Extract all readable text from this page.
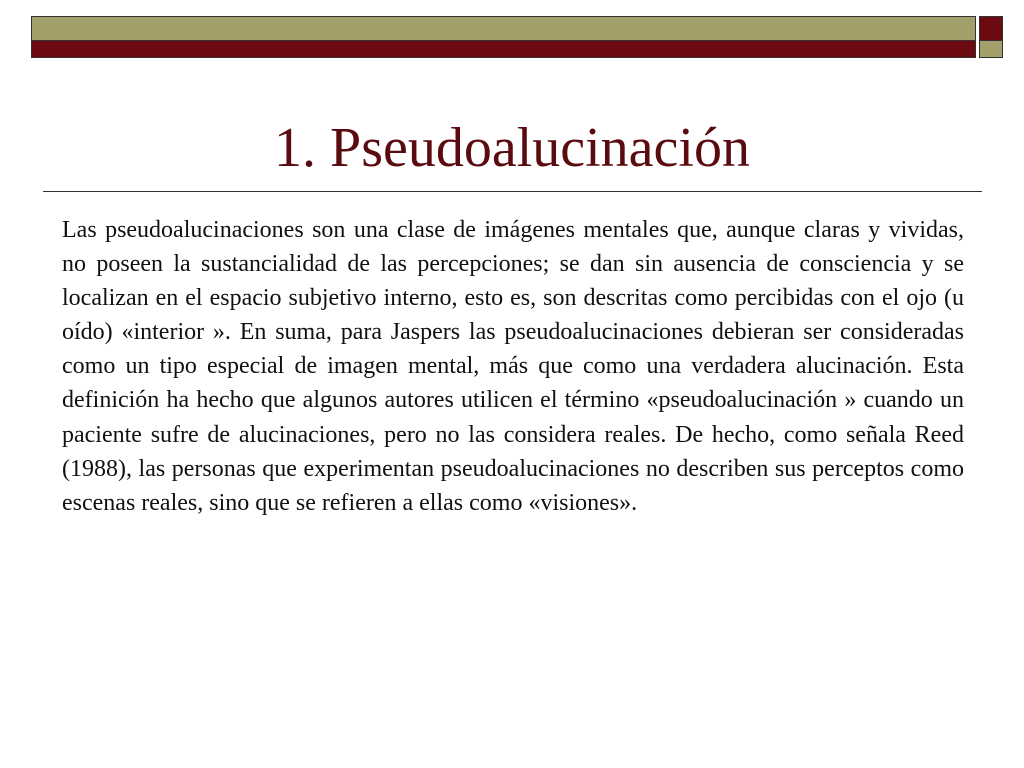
1. Pseudoalucinación

Las pseudoalucinaciones son una clase de imágenes mentales que, aunque claras y vividas, no poseen la sustancialidad de las percepciones; se dan sin ausencia de consciencia y se localizan en el espacio subjetivo interno, esto es, son descritas como percibidas con el ojo (u oído) «interior ». En suma, para Jaspers las pseudoalucinaciones debieran ser consideradas como un tipo especial de imagen mental, más que como una verdadera alucinación. Esta definición ha hecho que algunos autores utilicen el término «pseudoalucinación » cuando un paciente sufre de alucinaciones, pero no las considera reales. De hecho, como señala Reed (1988), las personas que experimentan pseudoalucinaciones no describen sus perceptos como escenas reales, sino que se refieren a ellas como «visiones».
